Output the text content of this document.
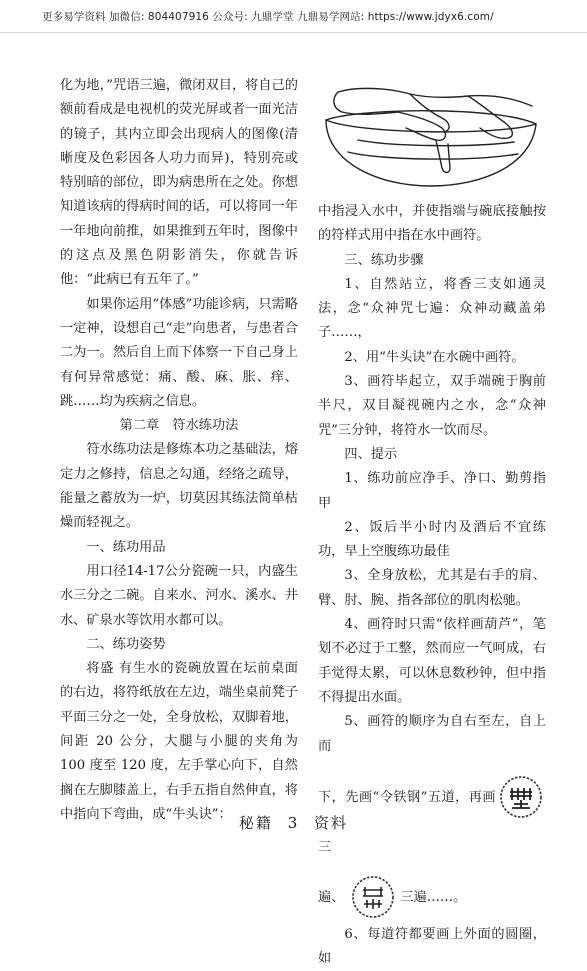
更多易学资料 加微信: 804407916 公众号: 九鼎学堂 九鼎易学网站: https://www.jdyx6.com/

化为地，”咒语三遍，微闭双目，将自己的额前看成是电视机的荧光屏或者一面光洁的镜子，其内立即会出现病人的图像(清晰度及色彩因各人功力而异)，特别亮或特别暗的部位，即为病患所在之处。你想知道该病的得病时间的话，可以将同一年一年地向前推，如果推到五年时，图像中的这点及黑色阴影消失，你就告诉他：“此病已有五年了。”

如果你运用“体感”功能诊病，只需略一定神，设想自己“走”向患者，与患者合二为一。然后自上而下体察一下自己身上有何异常感觉：痛、酸、麻、胀、痒、跳……均为疾病之信息。

第二章　符水练功法

符水练功法是修炼本功之基础法，熔定力之修持，信息之勾通，经络之疏导，能量之蓄放为一炉，切莫因其练法简单枯燥而轻视之。

一、练功用品

用口径14-17公分瓷碗一只，内盛生水三分之二碗。自来水、河水、溪水、井水、矿泉水等饮用水都可以。

二、练功姿势

将盛 有生水的瓷碗放置在坛前桌面的右边，将符纸放在左边，端坐桌前凳子平面三分之一处，全身放松，双脚着地，间距 20 公分，大腿与小腿的夹角为 100 度至 120 度，左手掌心向下，自然搁在左脚膝盖上，右手五指自然伸直，将中指向下弯曲，成“牛头诀”：

中指浸入水中，并使指端与碗底接触按的符样式用中指在水中画符。

三、练功步骤

1、自然站立，将香三支如通灵法，念“众神咒七遍：众神动藏盖弟子……，

2、用“牛头诀”在水碗中画符。

3、画符毕起立，双手端碗于胸前半尺，双目凝视碗内之水，念“众神咒”三分钟，将符水一饮而尽。

四、提示

1、练功前应净手、净口、勤剪指甲

2、饭后半小时内及酒后不宜练功，早上空腹练功最佳

3、全身放松，尤其是右手的肩、臂、肘、腕、指各部位的肌肉松驰。

4、画符时只需“依样画葫芦”，笔划不必过于工整，然而应一气呵成，右手觉得太累，可以休息数秒钟，但中指不得提出水面。

5、画符的顺序为自右至左，自上而

下，先画“令铁钢”五道，再画三

遍、	三遍……。

6、每道符都要画上外面的圆圈，如

秘籍 3 资料
